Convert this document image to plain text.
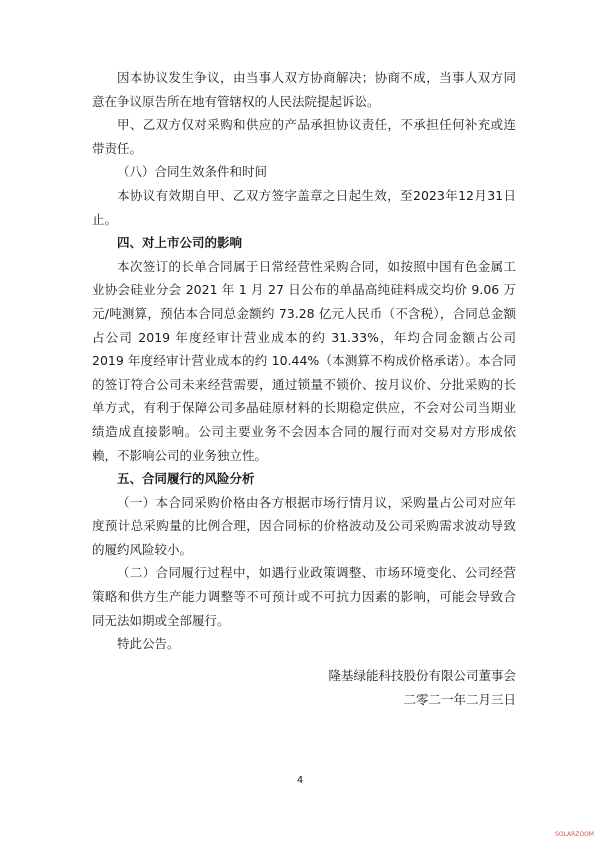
因本协议发生争议，由当事人双方协商解决；协商不成，当事人双方同意在争议原告所在地有管辖权的人民法院提起诉讼。

甲、乙双方仅对采购和供应的产品承担协议责任，不承担任何补充或连带责任。

（八）合同生效条件和时间

本协议有效期自甲、乙双方签字盖章之日起生效，至2023年12月31日止。

四、对上市公司的影响

本次签订的长单合同属于日常经营性采购合同，如按照中国有色金属工业协会硅业分会 2021 年 1 月 27 日公布的单晶高纯硅料成交均价 9.06 万元/吨测算，预估本合同总金额约 73.28 亿元人民币（不含税），合同总金额占公司 2019 年度经审计营业成本的约 31.33%，年均合同金额占公司 2019 年度经审计营业成本的约 10.44%（本测算不构成价格承诺）。本合同的签订符合公司未来经营需要，通过锁量不锁价、按月议价、分批采购的长单方式，有利于保障公司多晶硅原材料的长期稳定供应，不会对公司当期业绩造成直接影响。公司主要业务不会因本合同的履行而对交易对方形成依赖，不影响公司的业务独立性。

五、合同履行的风险分析

（一）本合同采购价格由各方根据市场行情月议，采购量占公司对应年度预计总采购量的比例合理，因合同标的价格波动及公司采购需求波动导致的履约风险较小。

（二）合同履行过程中，如遇行业政策调整、市场环境变化、公司经营策略和供方生产能力调整等不可预计或不可抗力因素的影响，可能会导致合同无法如期或全部履行。

特此公告。

隆基绿能科技股份有限公司董事会
二零二一年二月三日
4
SOLARZOOM
